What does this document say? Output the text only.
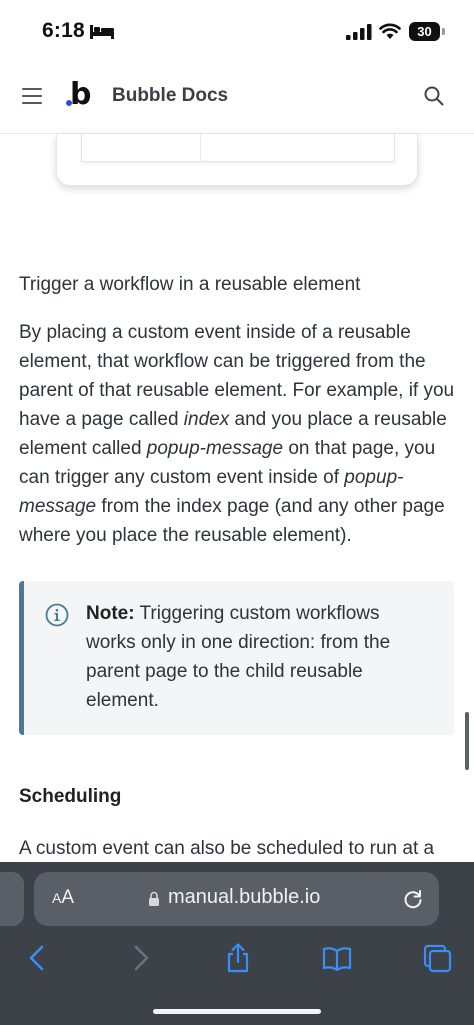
6:18	30
b Bubble Docs
Trigger a workflow in a reusable element

By placing a custom event inside of a reusable element, that workflow can be triggered from the parent of that reusable element. For example, if you have a page called index and you place a reusable element called popup-message on that page, you can trigger any custom event inside of popup-message from the index page (and any other page where you place the reusable element).

Note: Triggering custom workflows works only in one direction: from the parent page to the child reusable element.

Scheduling

A custom event can also be scheduled to run at a

AA	manual.bubble.io
